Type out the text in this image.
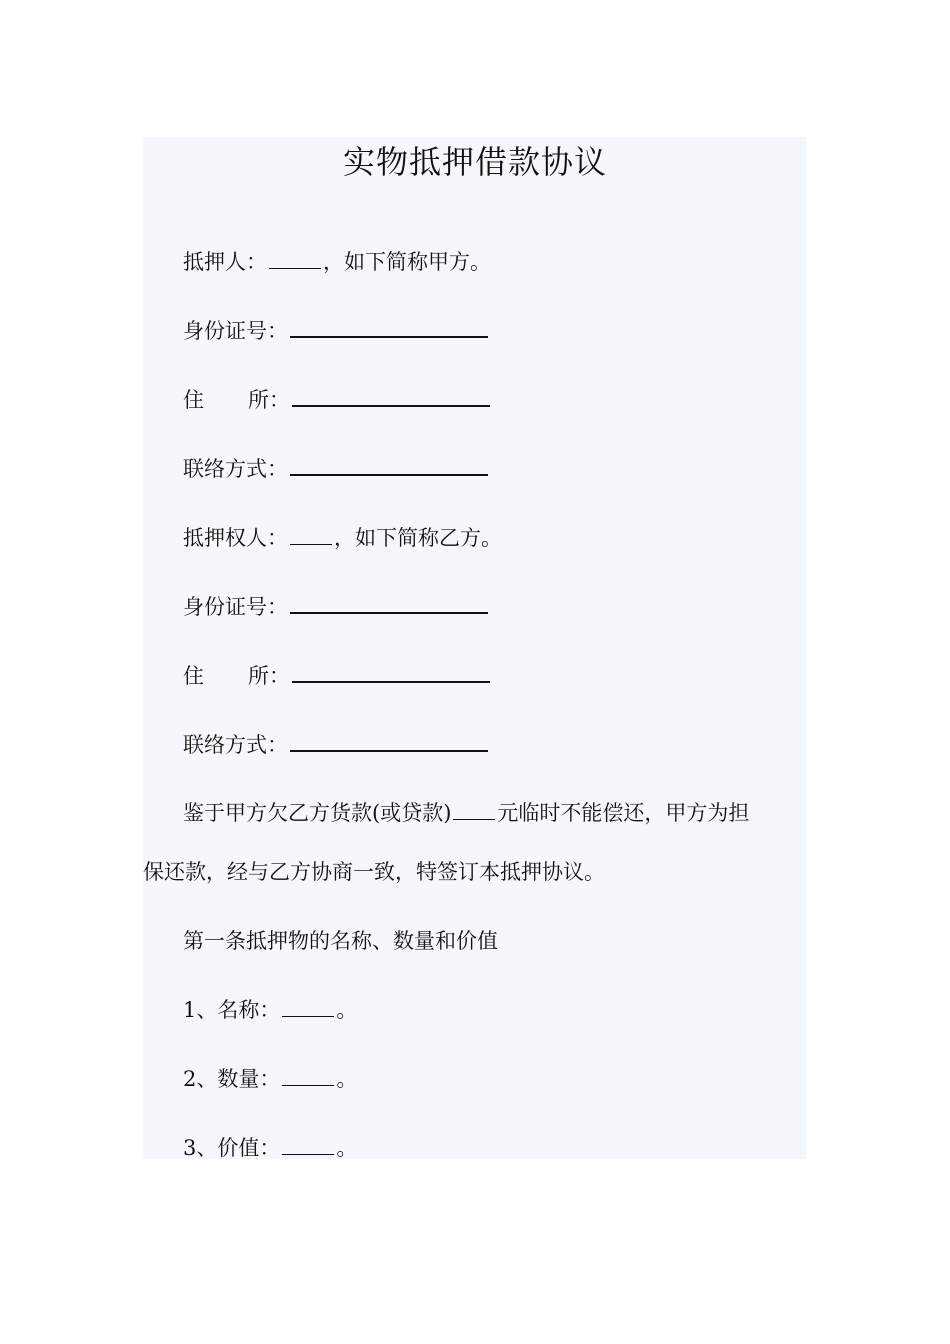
实物抵押借款协议
抵押人：	，如下简称甲方。
身份证号：
住 所：
联络方式：
抵押权人： ，如下简称乙方。
身份证号：
住 所：
联络方式：
鉴于甲方欠乙方货款(或贷款) 元临时不能偿还，甲方为担
保还款，经与乙方协商一致，特签订本抵押协议。
第一条抵押物的名称、数量和价值
1、名称：	。
2、数量：	。
3、价值：	。
